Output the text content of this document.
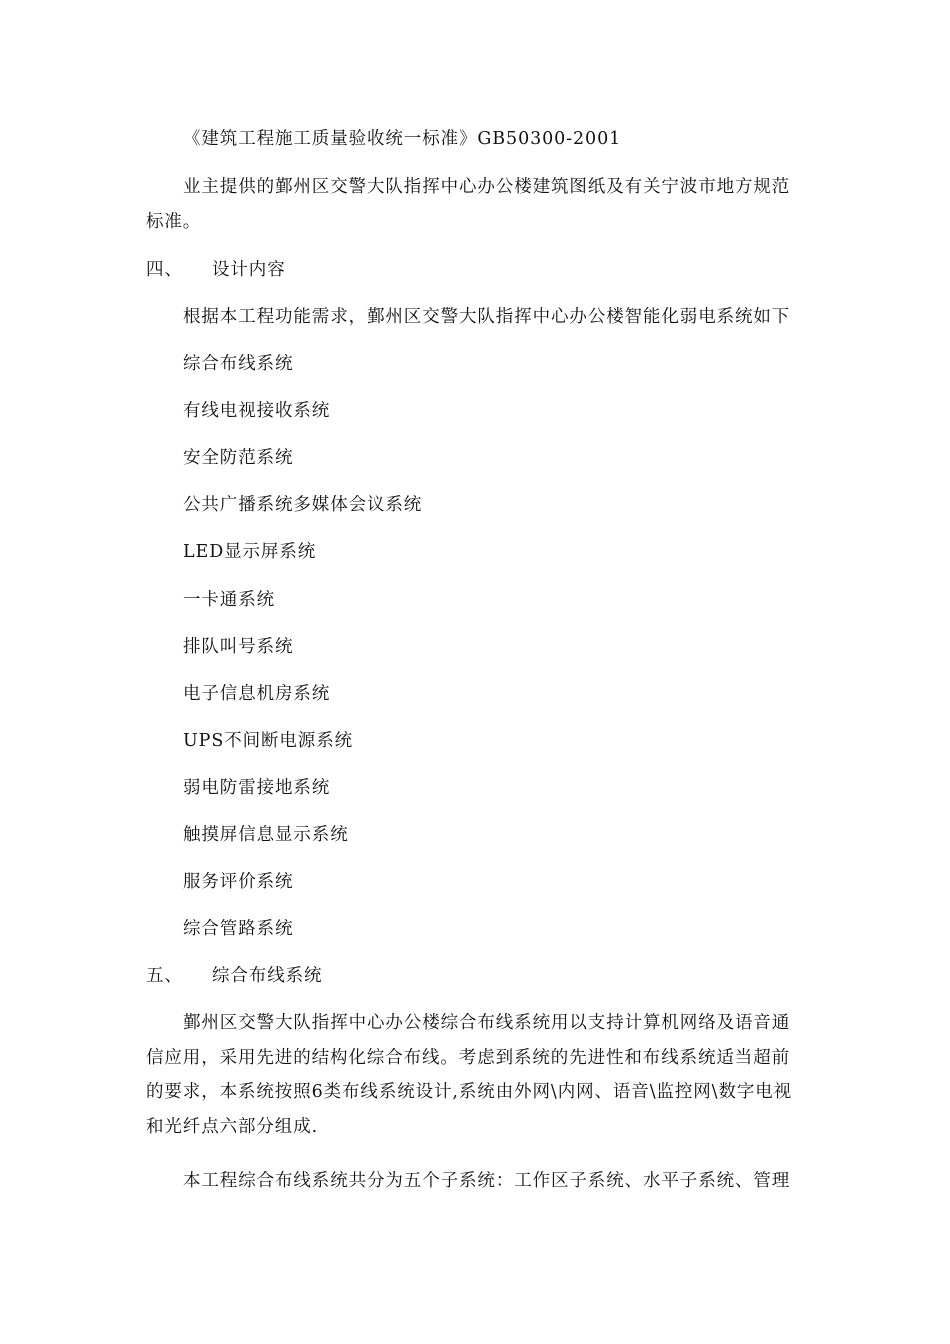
《建筑工程施工质量验收统一标准》GB50300-2001
业主提供的鄞州区交警大队指挥中心办公楼建筑图纸及有关宁波市地方规范标准。
四、 设计内容
根据本工程功能需求，鄞州区交警大队指挥中心办公楼智能化弱电系统如下
综合布线系统
有线电视接收系统
安全防范系统
公共广播系统多媒体会议系统
LED显示屏系统
一卡通系统
排队叫号系统
电子信息机房系统
UPS不间断电源系统
弱电防雷接地系统
触摸屏信息显示系统
服务评价系统
综合管路系统
五、 综合布线系统
鄞州区交警大队指挥中心办公楼综合布线系统用以支持计算机网络及语音通信应用，采用先进的结构化综合布线。考虑到系统的先进性和布线系统适当超前的要求，本系统按照6类布线系统设计,系统由外网\内网、语音\监控网\数字电视和光纤点六部分组成.
本工程综合布线系统共分为五个子系统：工作区子系统、水平子系统、管理
